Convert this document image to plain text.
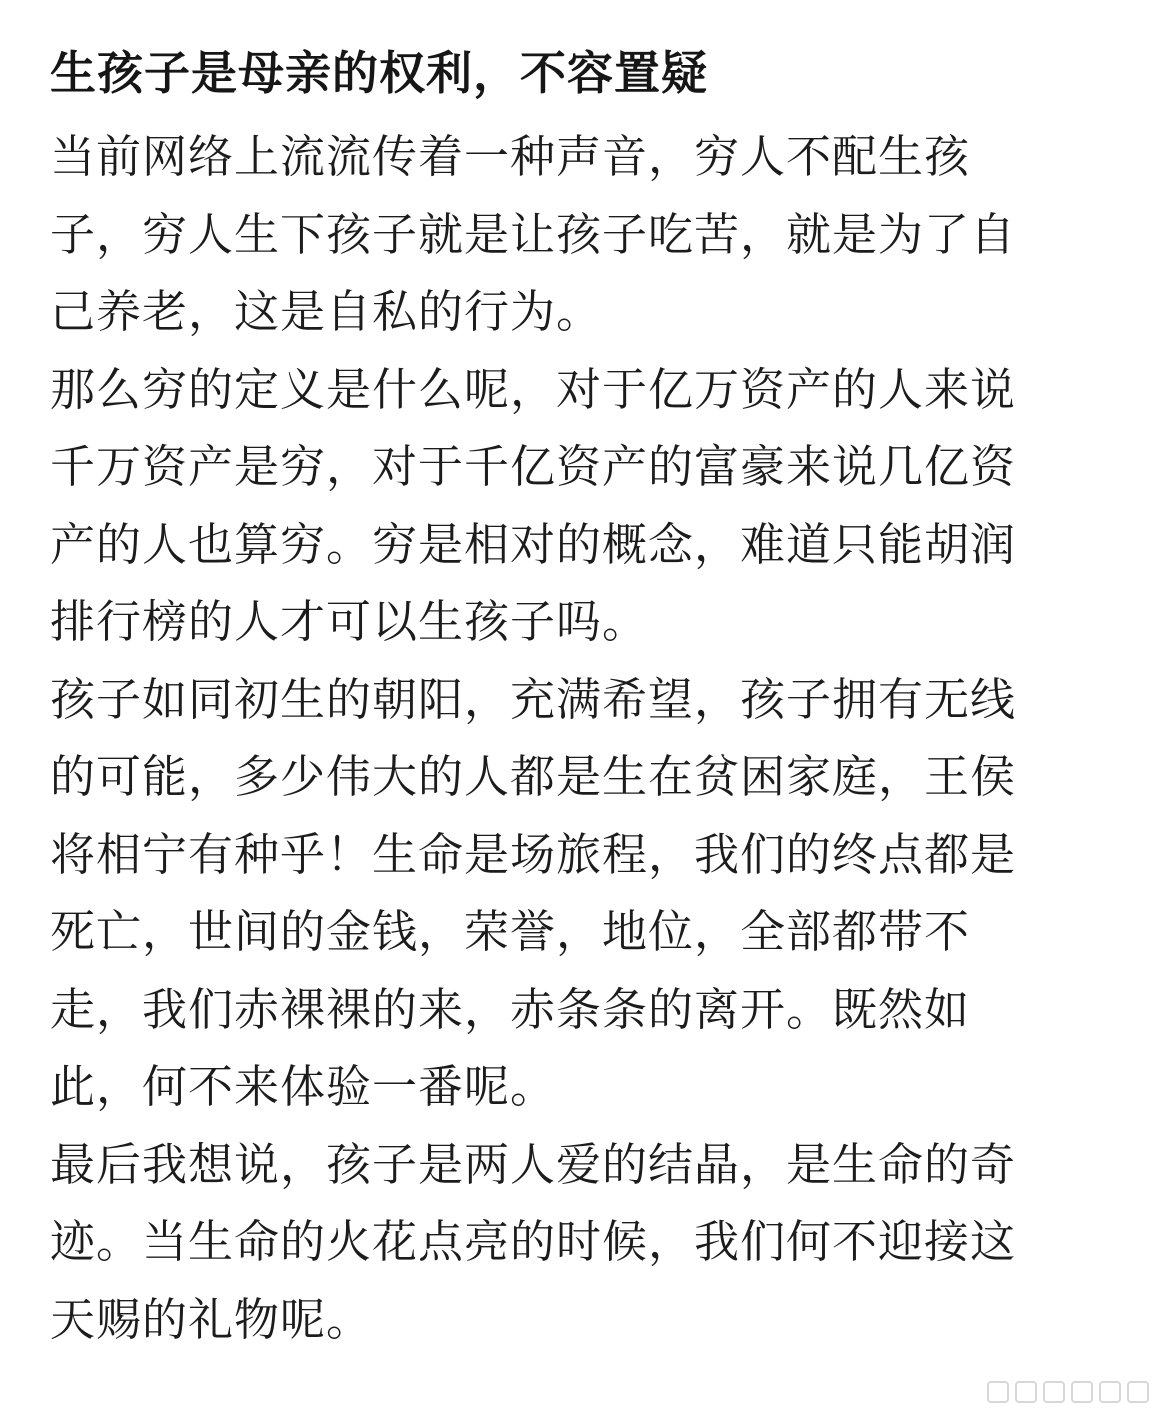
生孩子是母亲的权利，不容置疑

当前网络上流流传着一种声音，穷人不配生孩

子，穷人生下孩子就是让孩子吃苦，就是为了自

己养老，这是自私的行为。

那么穷的定义是什么呢，对于亿万资产的人来说

千万资产是穷，对于千亿资产的富豪来说几亿资

产的人也算穷。穷是相对的概念，难道只能胡润

排行榜的人才可以生孩子吗。

孩子如同初生的朝阳，充满希望，孩子拥有无线

的可能，多少伟大的人都是生在贫困家庭，王侯

将相宁有种乎！生命是场旅程，我们的终点都是

死亡，世间的金钱，荣誉，地位，全部都带不

走，我们赤裸裸的来，赤条条的离开。既然如

此，何不来体验一番呢。

最后我想说，孩子是两人爱的结晶，是生命的奇

迹。当生命的火花点亮的时候，我们何不迎接这

天赐的礼物呢。
